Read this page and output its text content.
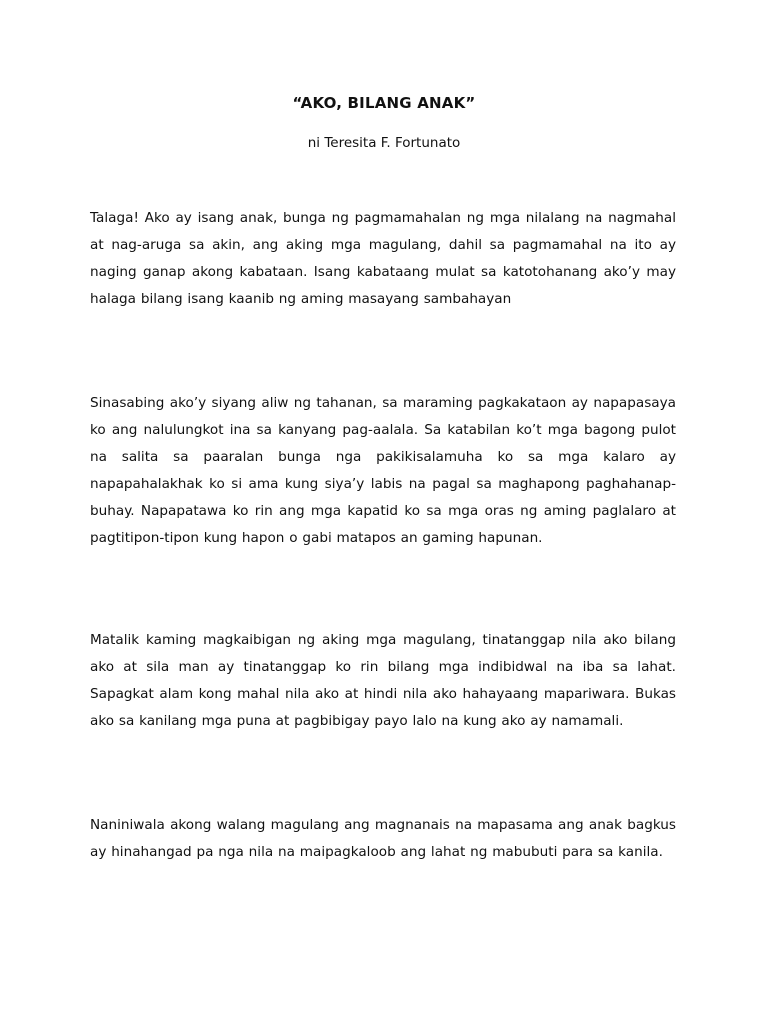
“AKO, BILANG ANAK”

ni Teresita F. Fortunato

Talaga! Ako ay isang anak, bunga ng pagmamahalan ng mga nilalang na nagmahal at nag-aruga sa akin, ang aking mga magulang, dahil sa pagmamahal na ito ay naging ganap akong kabataan. Isang kabataang mulat sa katotohanang ako’y may halaga bilang isang kaanib ng aming masayang sambahayan

Sinasabing ako’y siyang aliw ng tahanan, sa maraming pagkakataon ay napapasaya ko ang nalulungkot ina sa kanyang pag-aalala. Sa katabilan ko’t mga bagong pulot na salita sa paaralan bunga nga pakikisalamuha ko sa mga kalaro ay napapahalakhak ko si ama kung siya’y labis na pagal sa maghapong paghahanap-buhay. Napapatawa ko rin ang mga kapatid ko sa mga oras ng aming paglalaro at pagtitipon-tipon kung hapon o gabi matapos an gaming hapunan.

Matalik kaming magkaibigan ng aking mga magulang, tinatanggap nila ako bilang ako at sila man ay tinatanggap ko rin bilang mga indibidwal na iba sa lahat. Sapagkat alam kong mahal nila ako at hindi nila ako hahayaang mapariwara. Bukas ako sa kanilang mga puna at pagbibigay payo lalo na kung ako ay namamali.

Naniniwala akong walang magulang ang magnanais na mapasama ang anak bagkus ay hinahangad pa nga nila na maipagkaloob ang lahat ng mabubuti para sa kanila.
